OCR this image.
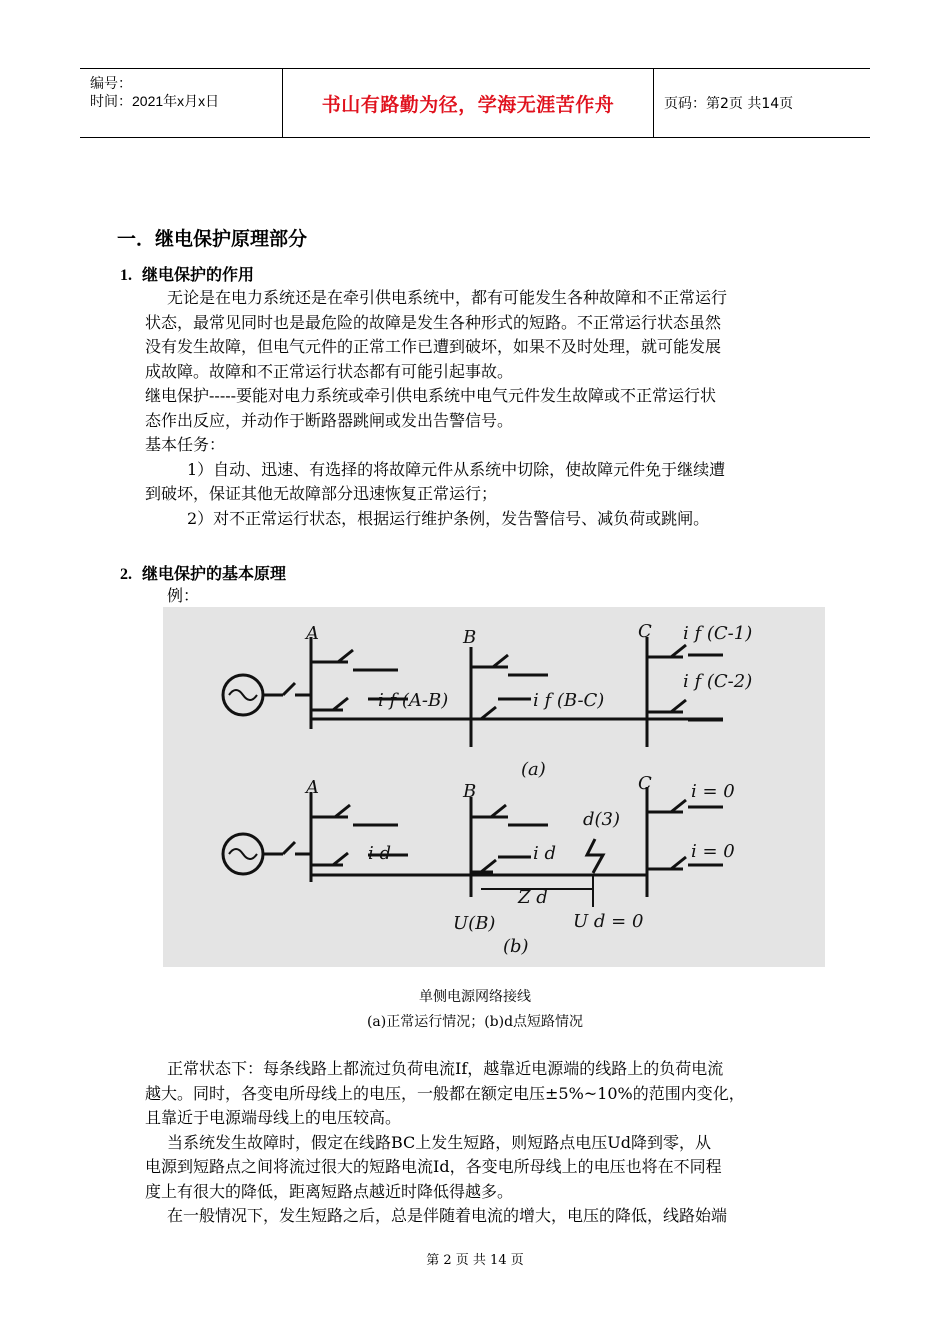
编号：
时间：2021年x月x日	书山有路勤为径，学海无涯苦作舟	页码：第2页 共14页
一．继电保护原理部分
1. 继电保护的作用
无论是在电力系统还是在牵引供电系统中，都有可能发生各种故障和不正常运行
状态，最常见同时也是最危险的故障是发生各种形式的短路。不正常运行状态虽然
没有发生故障，但电气元件的正常工作已遭到破坏，如果不及时处理，就可能发展
成故障。故障和不正常运行状态都有可能引起事故。
继电保护-----要能对电力系统或牵引供电系统中电气元件发生故障或不正常运行状
态作出反应，并动作于断路器跳闸或发出告警信号。
基本任务：
1）自动、迅速、有选择的将故障元件从系统中切除，使故障元件免于继续遭
到破坏，保证其他无故障部分迅速恢复正常运行；
2）对不正常运行状态，根据运行维护条例，发告警信号、减负荷或跳闸。
2. 继电保护的基本原理
例：
A	B	C
i f (A-B)	i f (B-C)
i f (C-1)
i f (C-2)
(a)
A	B	C i = 0
i = 0
d(3)
i d	i d
Z d
U(B)	U d = 0
(b)
单侧电源网络接线
(a)正常运行情况；(b)d点短路情况
正常状态下：每条线路上都流过负荷电流If，越靠近电源端的线路上的负荷电流
越大。同时，各变电所母线上的电压，一般都在额定电压±5%~10%的范围内变化，
且靠近于电源端母线上的电压较高。
当系统发生故障时，假定在线路BC上发生短路，则短路点电压Ud降到零，从
电源到短路点之间将流过很大的短路电流Id，各变电所母线上的电压也将在不同程
度上有很大的降低，距离短路点越近时降低得越多。
在一般情况下，发生短路之后，总是伴随着电流的增大，电压的降低，线路始端
第 2 页 共 14 页
